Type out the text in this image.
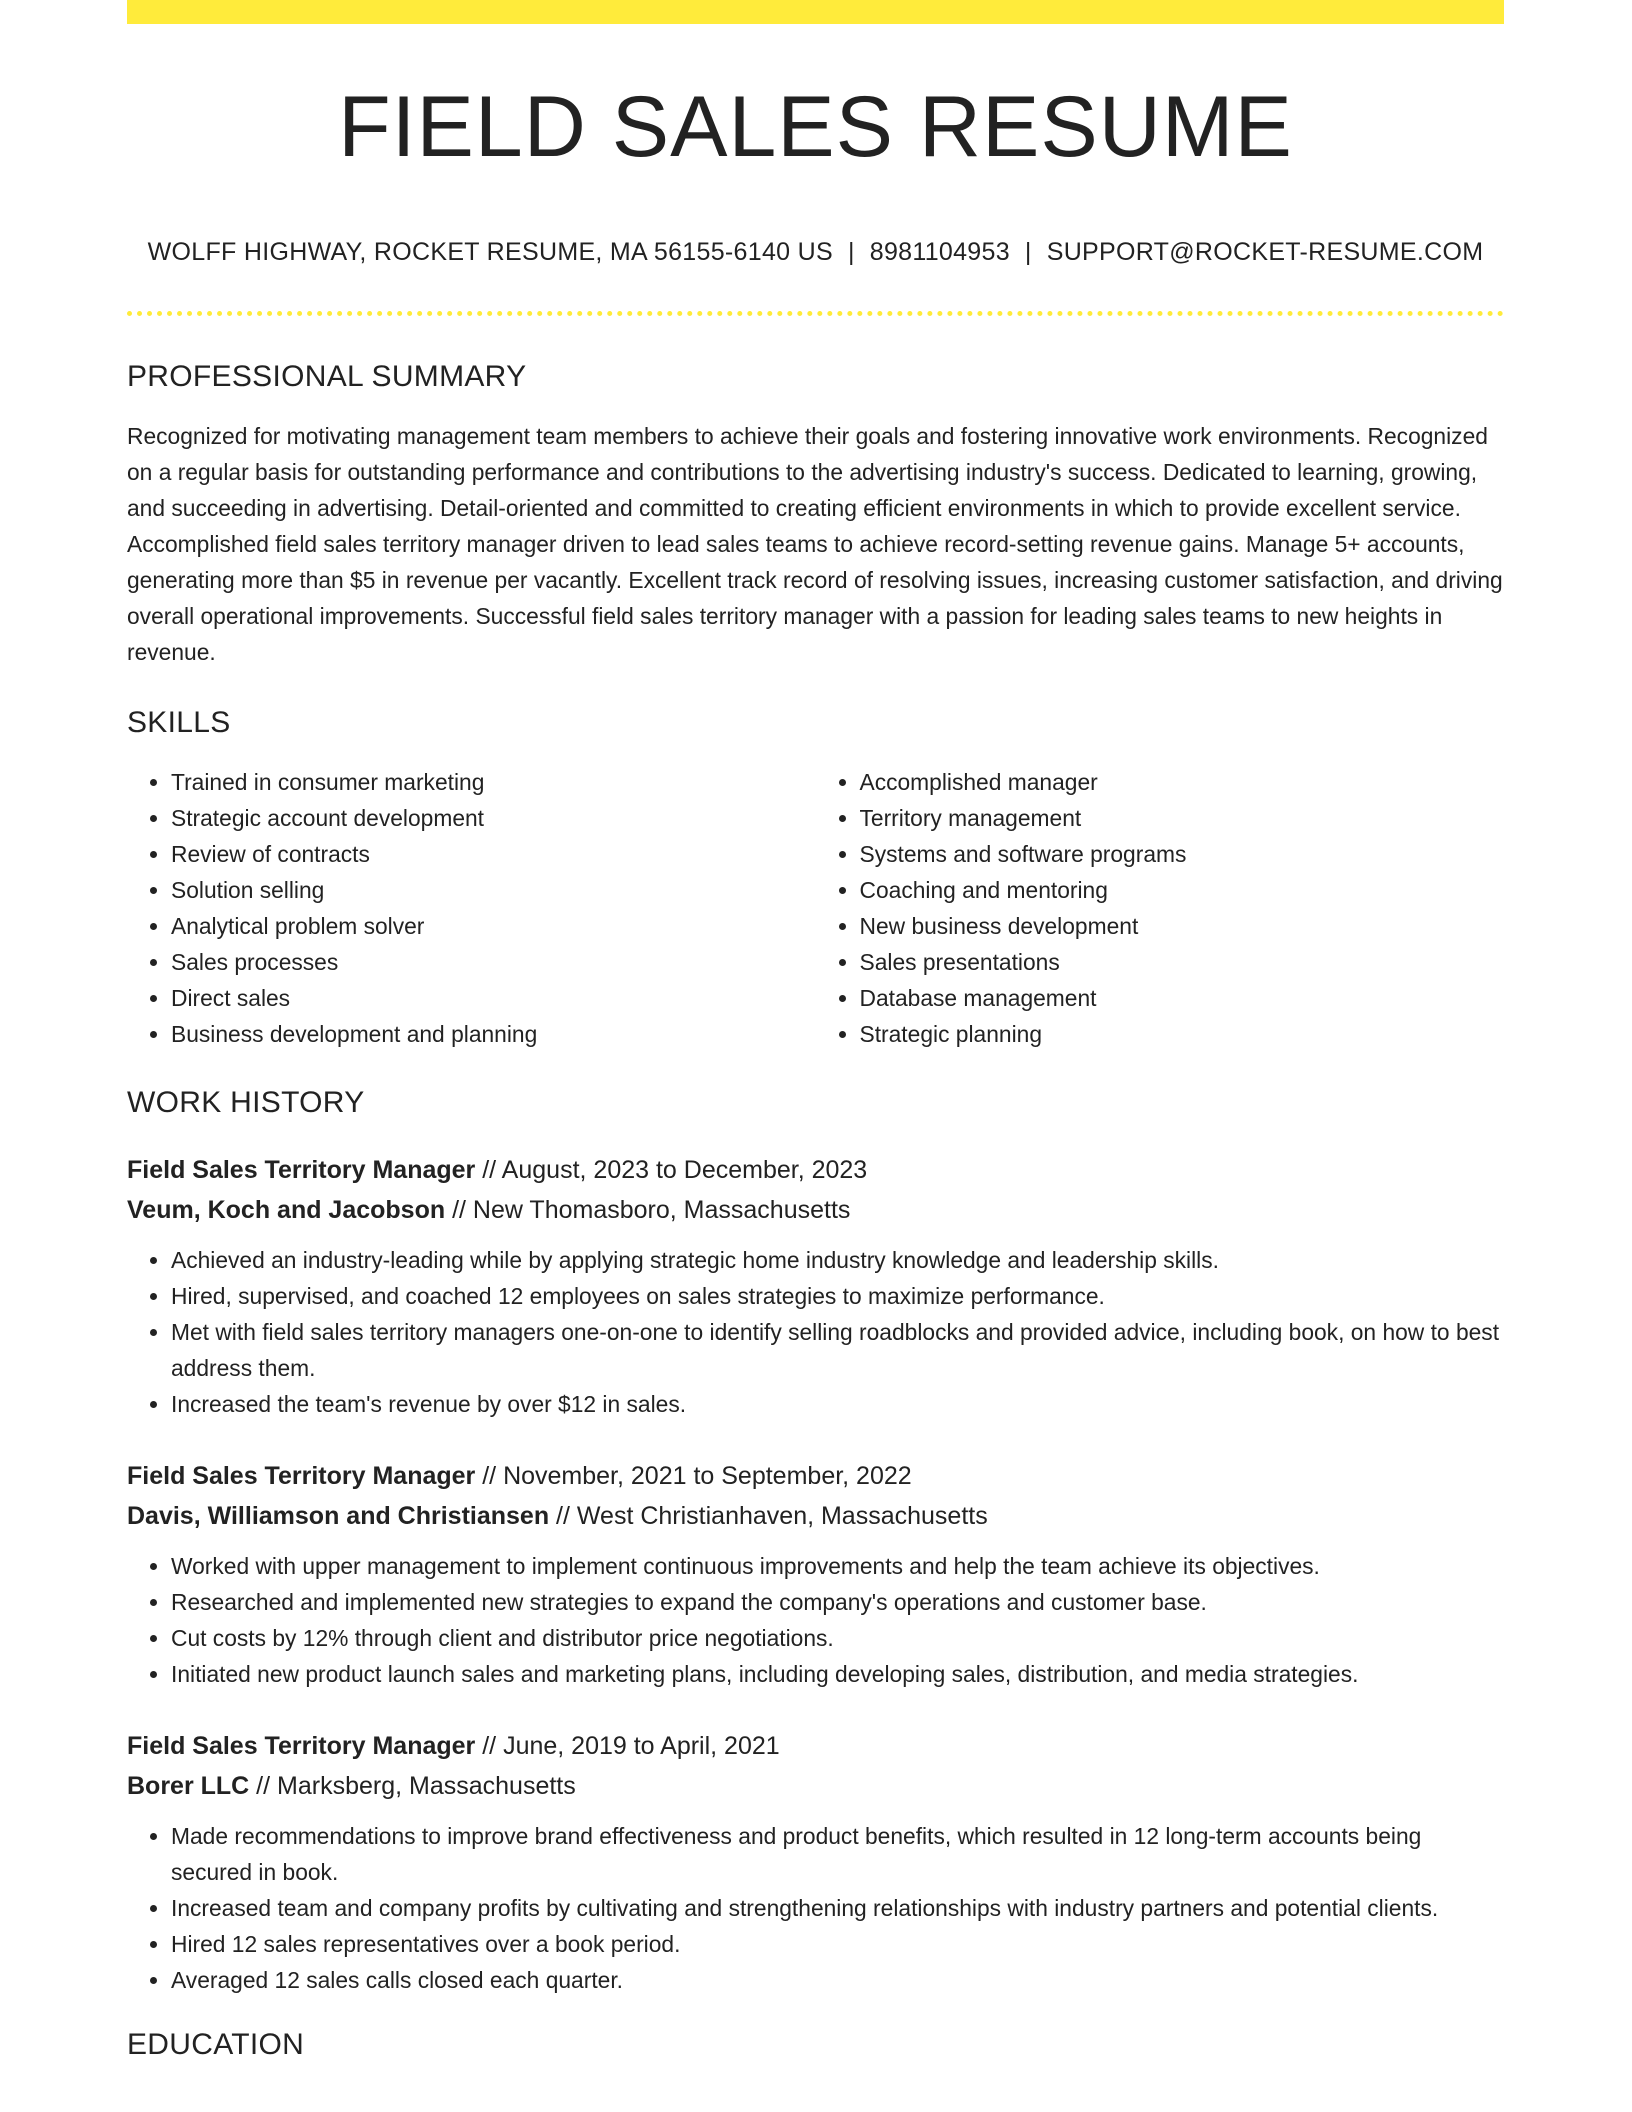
FIELD SALES RESUME
WOLFF HIGHWAY, ROCKET RESUME, MA 56155-6140 US | 8981104953 | SUPPORT@ROCKET-RESUME.COM
PROFESSIONAL SUMMARY

Recognized for motivating management team members to achieve their goals and fostering innovative work environments. Recognized on a regular basis for outstanding performance and contributions to the advertising industry's success. Dedicated to learning, growing, and succeeding in advertising. Detail-oriented and committed to creating efficient environments in which to provide excellent service. Accomplished field sales territory manager driven to lead sales teams to achieve record-setting revenue gains. Manage 5+ accounts, generating more than $5 in revenue per vacantly. Excellent track record of resolving issues, increasing customer satisfaction, and driving overall operational improvements. Successful field sales territory manager with a passion for leading sales teams to new heights in revenue.

SKILLS
• Trained in consumer marketing
• Strategic account development
• Review of contracts
• Solution selling
• Analytical problem solver
• Sales processes
• Direct sales
• Business development and planning
• Accomplished manager
• Territory management
• Systems and software programs
• Coaching and mentoring
• New business development
• Sales presentations
• Database management
• Strategic planning
WORK HISTORY
Field Sales Territory Manager // August, 2023 to December, 2023
Veum, Koch and Jacobson // New Thomasboro, Massachusetts
• Achieved an industry-leading while by applying strategic home industry knowledge and leadership skills.
• Hired, supervised, and coached 12 employees on sales strategies to maximize performance.
• Met with field sales territory managers one-on-one to identify selling roadblocks and provided advice, including book, on how to best address them.
• Increased the team's revenue by over $12 in sales.
Field Sales Territory Manager // November, 2021 to September, 2022
Davis, Williamson and Christiansen // West Christianhaven, Massachusetts
• Worked with upper management to implement continuous improvements and help the team achieve its objectives.
• Researched and implemented new strategies to expand the company's operations and customer base.
• Cut costs by 12% through client and distributor price negotiations.
• Initiated new product launch sales and marketing plans, including developing sales, distribution, and media strategies.
Field Sales Territory Manager // June, 2019 to April, 2021
Borer LLC // Marksberg, Massachusetts
• Made recommendations to improve brand effectiveness and product benefits, which resulted in 12 long-term accounts being secured in book.
• Increased team and company profits by cultivating and strengthening relationships with industry partners and potential clients.
• Hired 12 sales representatives over a book period.
• Averaged 12 sales calls closed each quarter.
EDUCATION
